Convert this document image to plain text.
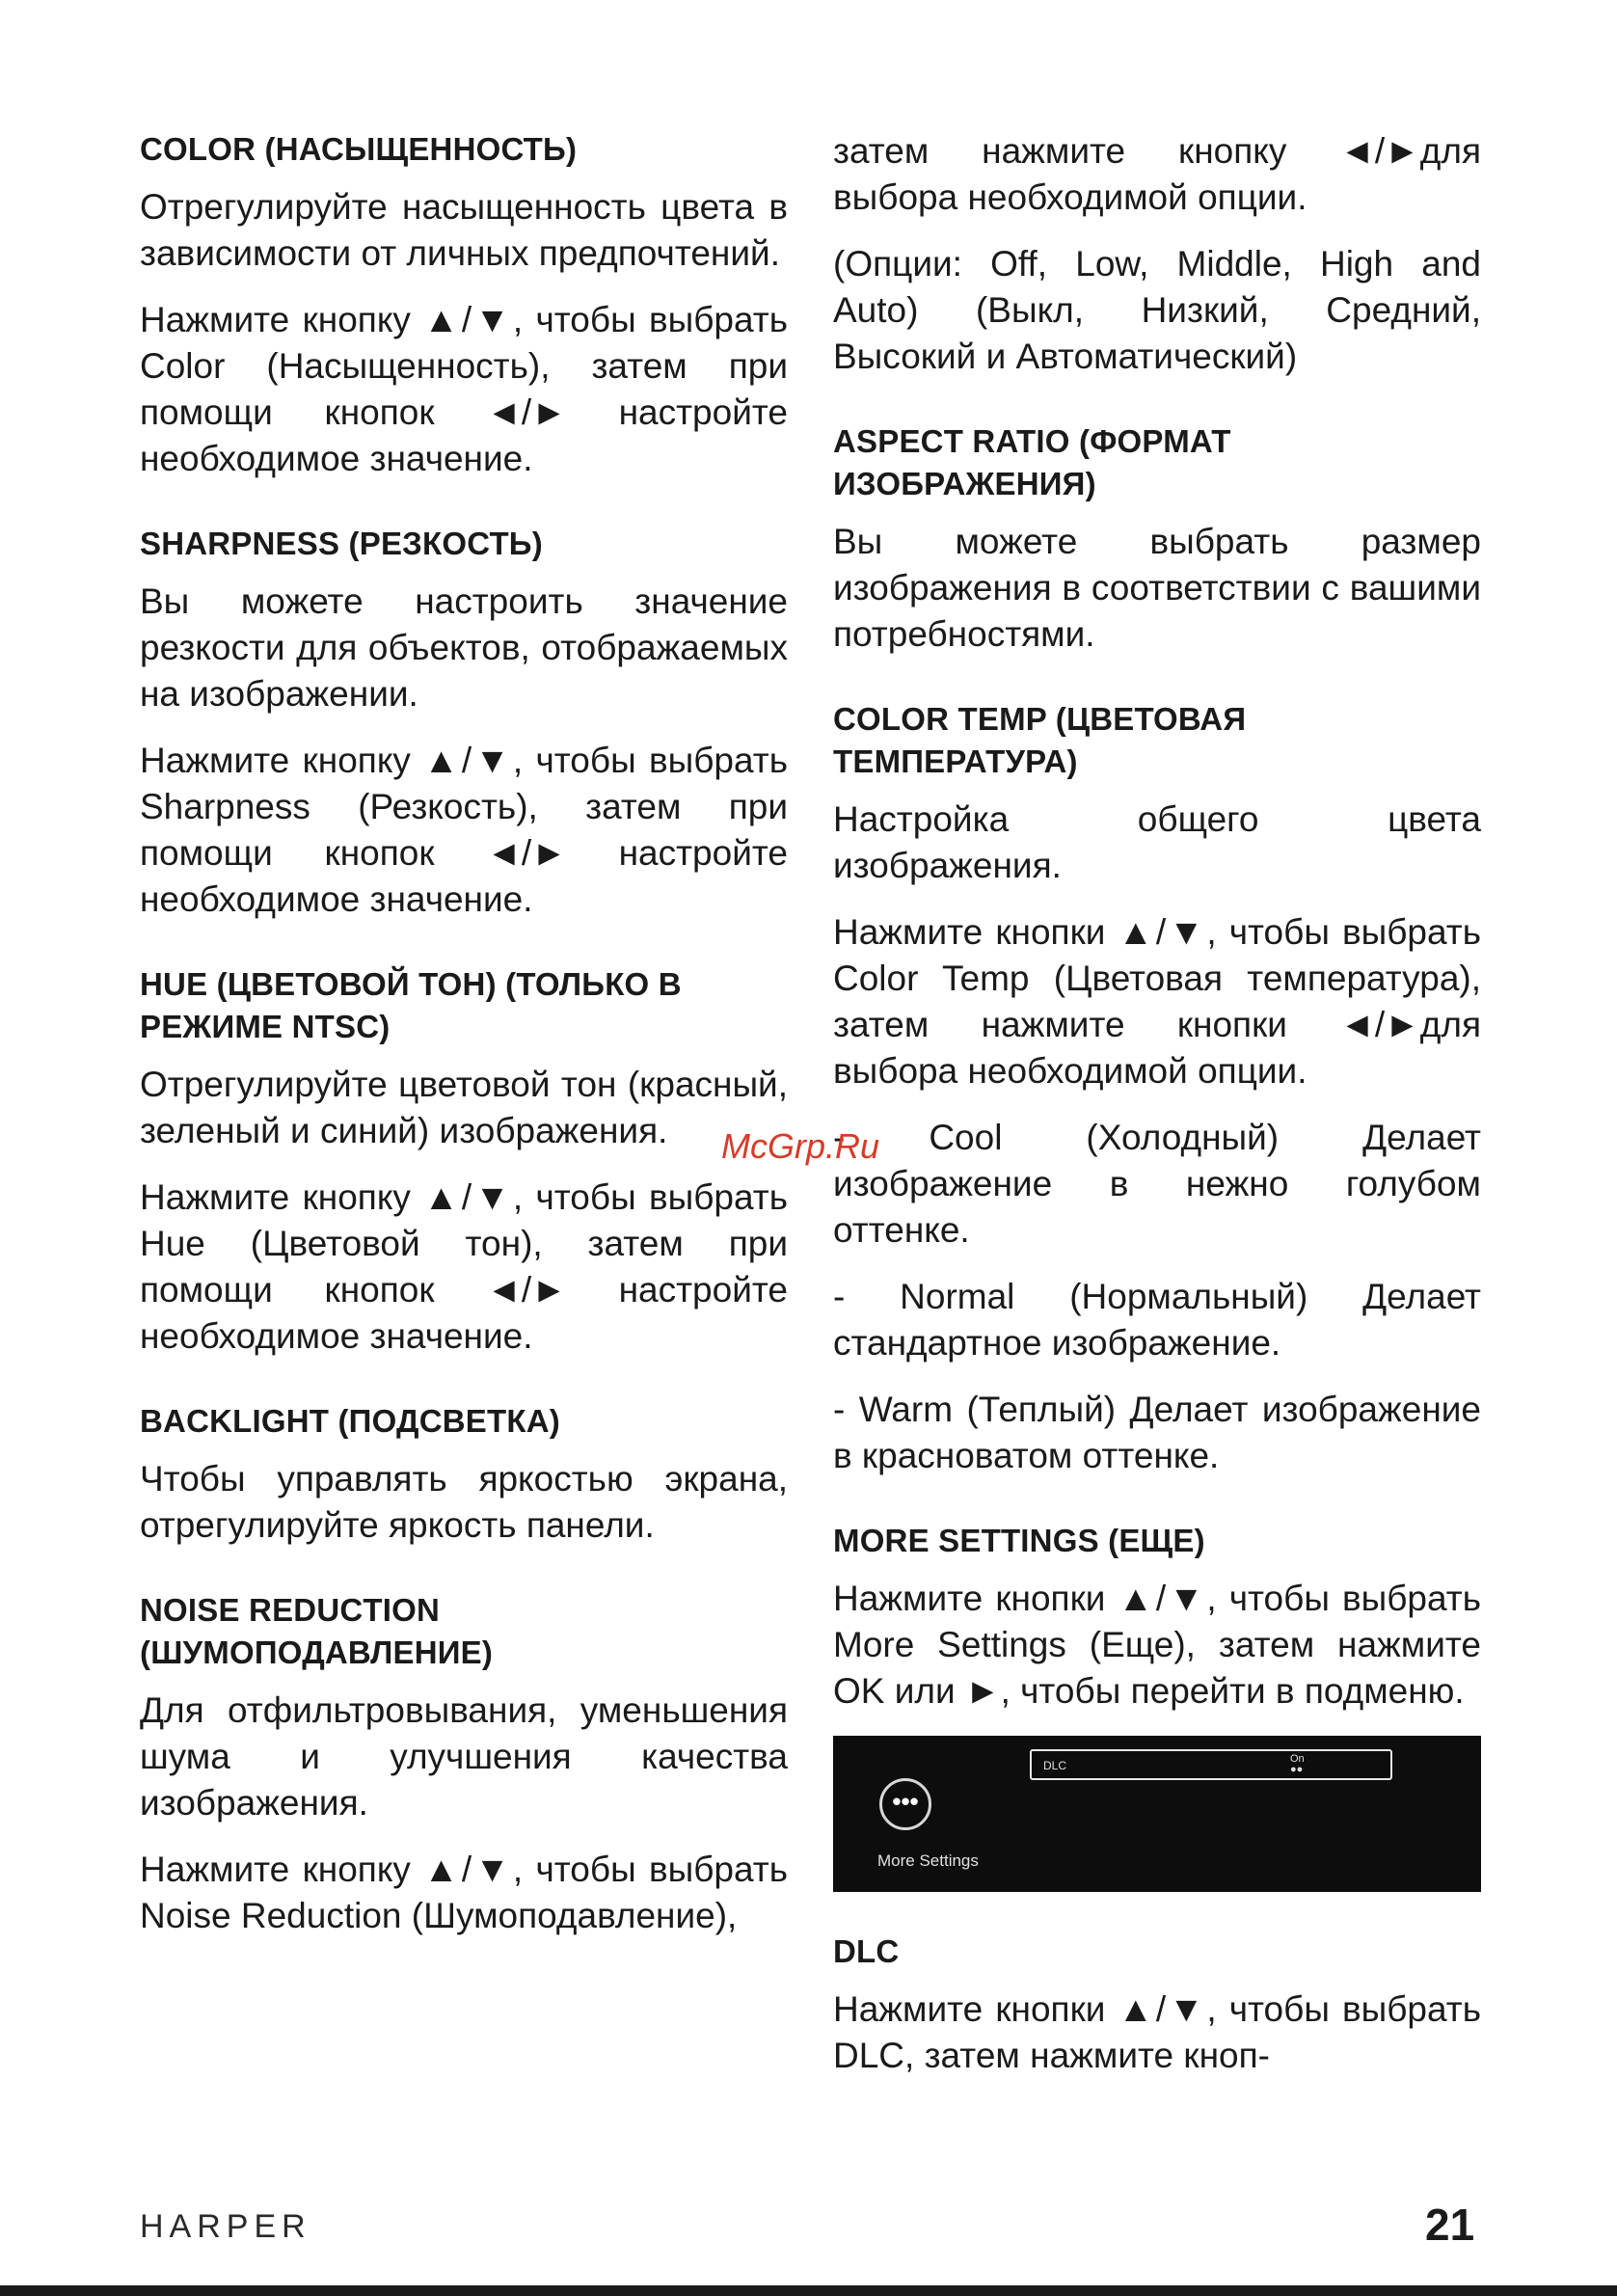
COLOR (НАСЫЩЕННОСТЬ)

Отрегулируйте насыщенность цвета в зависимости от личных предпочтений.

Нажмите кнопку ▲/▼, чтобы выбрать Color (Насыщенность), затем при помощи кнопок ◄/► настройте необходимое значение.

SHARPNESS (РЕЗКОСТЬ)

Вы можете настроить значение резкости для объектов, отображаемых на изображении.

Нажмите кнопку ▲/▼, чтобы выбрать Sharpness (Резкость), затем при помощи кнопок ◄/► настройте необходимое значение.

HUE (ЦВЕТОВОЙ ТОН) (ТОЛЬКО В РЕЖИМЕ NTSC)

Отрегулируйте цветовой тон (красный, зеленый и синий) изображения.

Нажмите кнопку ▲/▼, чтобы выбрать Hue (Цветовой тон), затем при помощи кнопок ◄/► настройте необходимое значение.

BACKLIGHT (ПОДСВЕТКА)

Чтобы управлять яркостью экрана, отрегулируйте яркость панели.

NOISE REDUCTION (ШУМОПОДАВЛЕНИЕ)

Для отфильтровывания, уменьшения шума и улучшения качества изображения.

Нажмите кнопку ▲/▼, чтобы выбрать Noise Reduction (Шумоподавление),

затем нажмите кнопку ◄/►для выбора необходимой опции.

(Опции: Off, Low, Middle, High and Auto) (Выкл, Низкий, Средний, Высокий и Автоматический)

ASPECT RATIO (ФОРМАТ ИЗОБРАЖЕНИЯ)

Вы можете выбрать размер изображения в соответствии с вашими потребностями.

COLOR TEMP (ЦВЕТОВАЯ ТЕМПЕРАТУРА)

Настройка общего цвета изображения.

Нажмите кнопки ▲/▼, чтобы выбрать Color Temp (Цветовая температура), затем нажмите кнопки ◄/►для выбора необходимой опции.

- Cool (Холодный) Делает изображение в нежно голубом оттенке.

- Normal (Нормальный) Делает стандартное изображение.

- Warm (Теплый) Делает изображение в красноватом оттенке.

MORE SETTINGS (ЕЩЕ)

Нажмите кнопки ▲/▼, чтобы выбрать More Settings (Еще), затем нажмите OK или ►, чтобы перейти в подменю.

•••
More Settings
DLC	On
●●
DLC

Нажмите кнопки ▲/▼, чтобы выбрать DLC, затем нажмите кноп-

McGrp.Ru
HARPER	21
